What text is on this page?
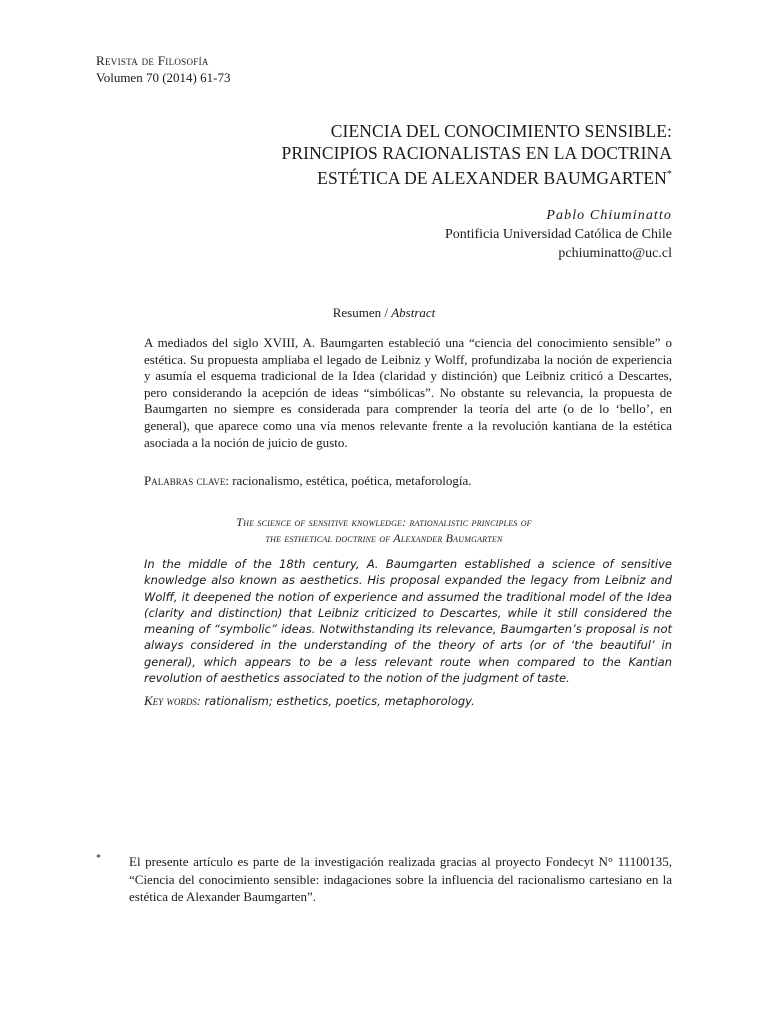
Revista de Filosofía
Volumen 70 (2014) 61-73
CIENCIA DEL CONOCIMIENTO SENSIBLE:
PRINCIPIOS RACIONALISTAS EN LA DOCTRINA
ESTÉTICA DE ALEXANDER BAUMGARTEN*
Pablo Chiuminatto
Pontificia Universidad Católica de Chile
pchiuminatto@uc.cl
Resumen / Abstract
A mediados del siglo XVIII, A. Baumgarten estableció una “ciencia del conocimiento sensible” o estética. Su propuesta ampliaba el legado de Leibniz y Wolff, profundizaba la noción de experiencia y asumía el esquema tradicional de la Idea (claridad y distinción) que Leibniz criticó a Descartes, pero considerando la acepción de ideas “simbólicas”. No obstante su relevancia, la propuesta de Baumgarten no siempre es considerada para comprender la teoría del arte (o de lo ‘bello’, en general), que aparece como una vía menos relevante frente a la revolución kantiana de la estética asociada a la noción de juicio de gusto.
Palabras clave: racionalismo, estética, poética, metaforología.
The science of sensitive knowledge: rationalistic principles of
the esthetical doctrine of Alexander Baumgarten
In the middle of the 18th century, A. Baumgarten established a science of sensitive knowledge also known as aesthetics. His proposal expanded the legacy from Leibniz and Wolff, it deepened the notion of experience and assumed the traditional model of the Idea (clarity and distinction) that Leibniz criticized to Descartes, while it still considered the meaning of “symbolic” ideas. Notwithstanding its relevance, Baumgarten’s proposal is not always considered in the understanding of the theory of arts (or of ‘the beautiful’ in general), which appears to be a less relevant route when compared to the Kantian revolution of aesthetics associated to the notion of the judgment of taste.
Key words: rationalism; esthetics, poetics, metaphorology.
* El presente artículo es parte de la investigación realizada gracias al proyecto Fondecyt N° 11100135, “Ciencia del conocimiento sensible: indagaciones sobre la influencia del racionalismo cartesiano en la estética de Alexander Baumgarten”.
